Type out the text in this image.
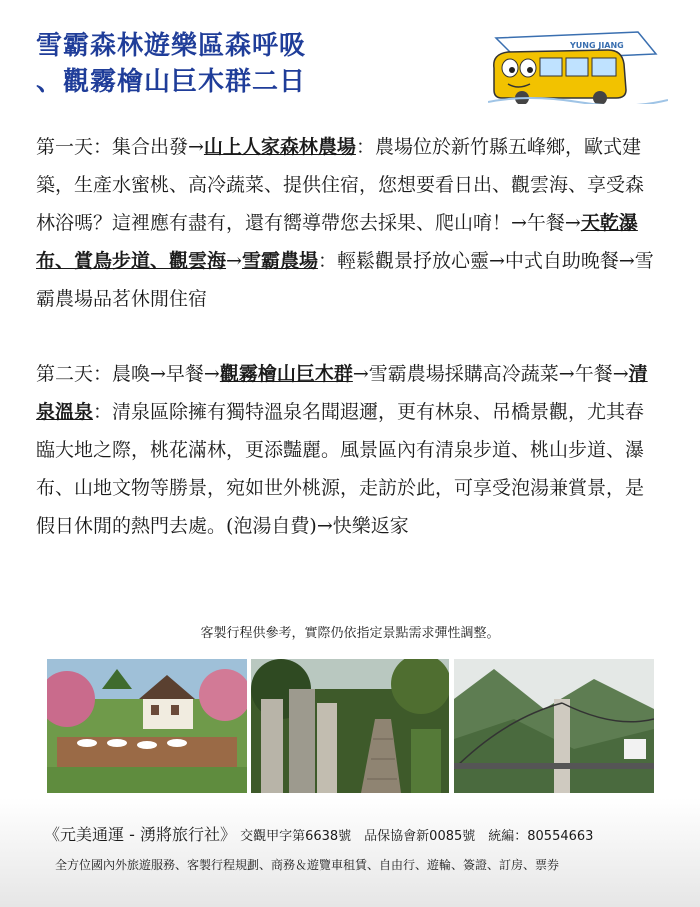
雪霸森林遊樂區森呼吸
、觀霧檜山巨木群二日
YUNG JIANG
第一天：集合出發→山上人家森林農場：農場位於新竹縣五峰鄉，歐式建築，生產水蜜桃、高冷蔬菜、提供住宿，您想要看日出、觀雲海、享受森林浴嗎？這裡應有盡有，還有嚮導帶您去採果、爬山唷！→午餐→天乾瀑布、賞鳥步道、觀雲海→雪霸農場：輕鬆觀景抒放心靈→中式自助晚餐→雪霸農場品茗休閒住宿
第二天：晨喚→早餐→觀霧檜山巨木群→雪霸農場採購高冷蔬菜→午餐→清泉溫泉：清泉區除擁有獨特溫泉名聞遐邇，更有林泉、吊橋景觀，尤其春臨大地之際，桃花滿林，更添豔麗。風景區內有清泉步道、桃山步道、瀑布、山地文物等勝景，宛如世外桃源，走訪於此，可享受泡湯兼賞景，是假日休閒的熱門去處。(泡湯自費)→快樂返家
客製行程供參考，實際仍依指定景點需求彈性調整。
《元美通運 - 湧將旅行社》 交觀甲字第6638號　品保協會新0085號　統編：80554663
全方位國內外旅遊服務、客製行程規劃、商務＆遊覽車租賃、自由行、遊輪、簽證、訂房、票券
